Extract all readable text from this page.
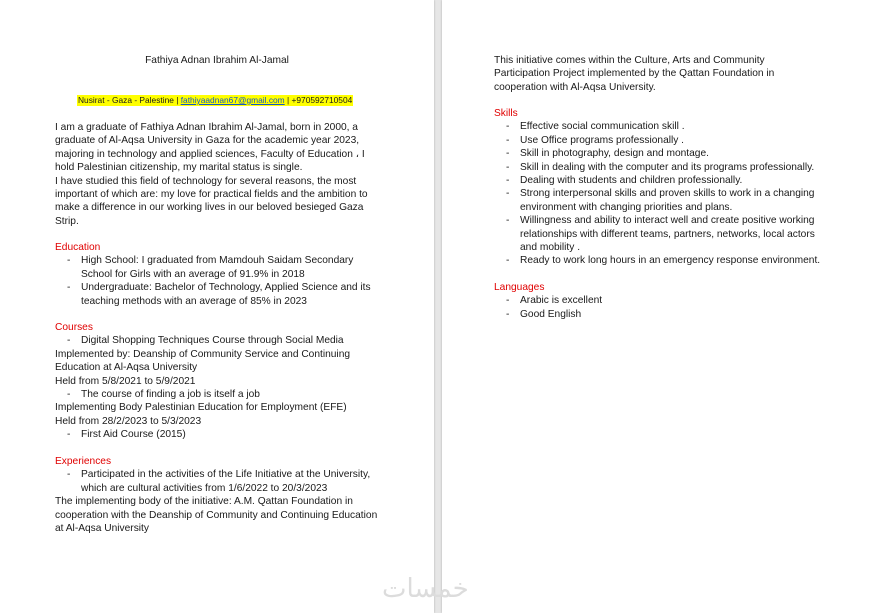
Fathiya Adnan Ibrahim Al-Jamal
Nusirat - Gaza - Palestine | fathiyaadnan67@gmail.com | +970592710504
I am a graduate of Fathiya Adnan Ibrahim Al-Jamal, born in 2000, a
graduate of Al-Aqsa University in Gaza for the academic year 2023,
majoring in technology and applied sciences, Faculty of Education ، I
hold Palestinian citizenship, my marital status is single.
I have studied this field of technology for several reasons, the most
important of which are: my love for practical fields and the ambition to
make a difference in our working lives in our beloved besieged Gaza
Strip.
Education
- High School: I graduated from Mamdouh Saidam Secondary
School for Girls with an average of 91.9% in 2018
- Undergraduate: Bachelor of Technology, Applied Science and its
teaching methods with an average of 85% in 2023
Courses
- Digital Shopping Techniques Course through Social Media
Implemented by: Deanship of Community Service and Continuing
Education at Al-Aqsa University
Held from 5/8/2021 to 5/9/2021
- The course of finding a job is itself a job
Implementing Body Palestinian Education for Employment (EFE)
Held from 28/2/2023 to 5/3/2023
- First Aid Course (2015)
Experiences
- Participated in the activities of the Life Initiative at the University,
which are cultural activities from 1/6/2022 to 20/3/2023
The implementing body of the initiative: A.M. Qattan Foundation in
cooperation with the Deanship of Community and Continuing Education
at Al-Aqsa University
This initiative comes within the Culture, Arts and Community
Participation Project implemented by the Qattan Foundation in
cooperation with Al-Aqsa University.
Skills
- Effective social communication skill .
- Use Office programs professionally .
- Skill in photography, design and montage.
- Skill in dealing with the computer and its programs professionally.
- Dealing with students and children professionally.
- Strong interpersonal skills and proven skills to work in a changing
environment with changing priorities and plans.
- Willingness and ability to interact well and create positive working
relationships with different teams, partners, networks, local actors
and mobility .
- Ready to work long hours in an emergency response environment.
Languages
- Arabic is excellent
- Good English
خمسات
